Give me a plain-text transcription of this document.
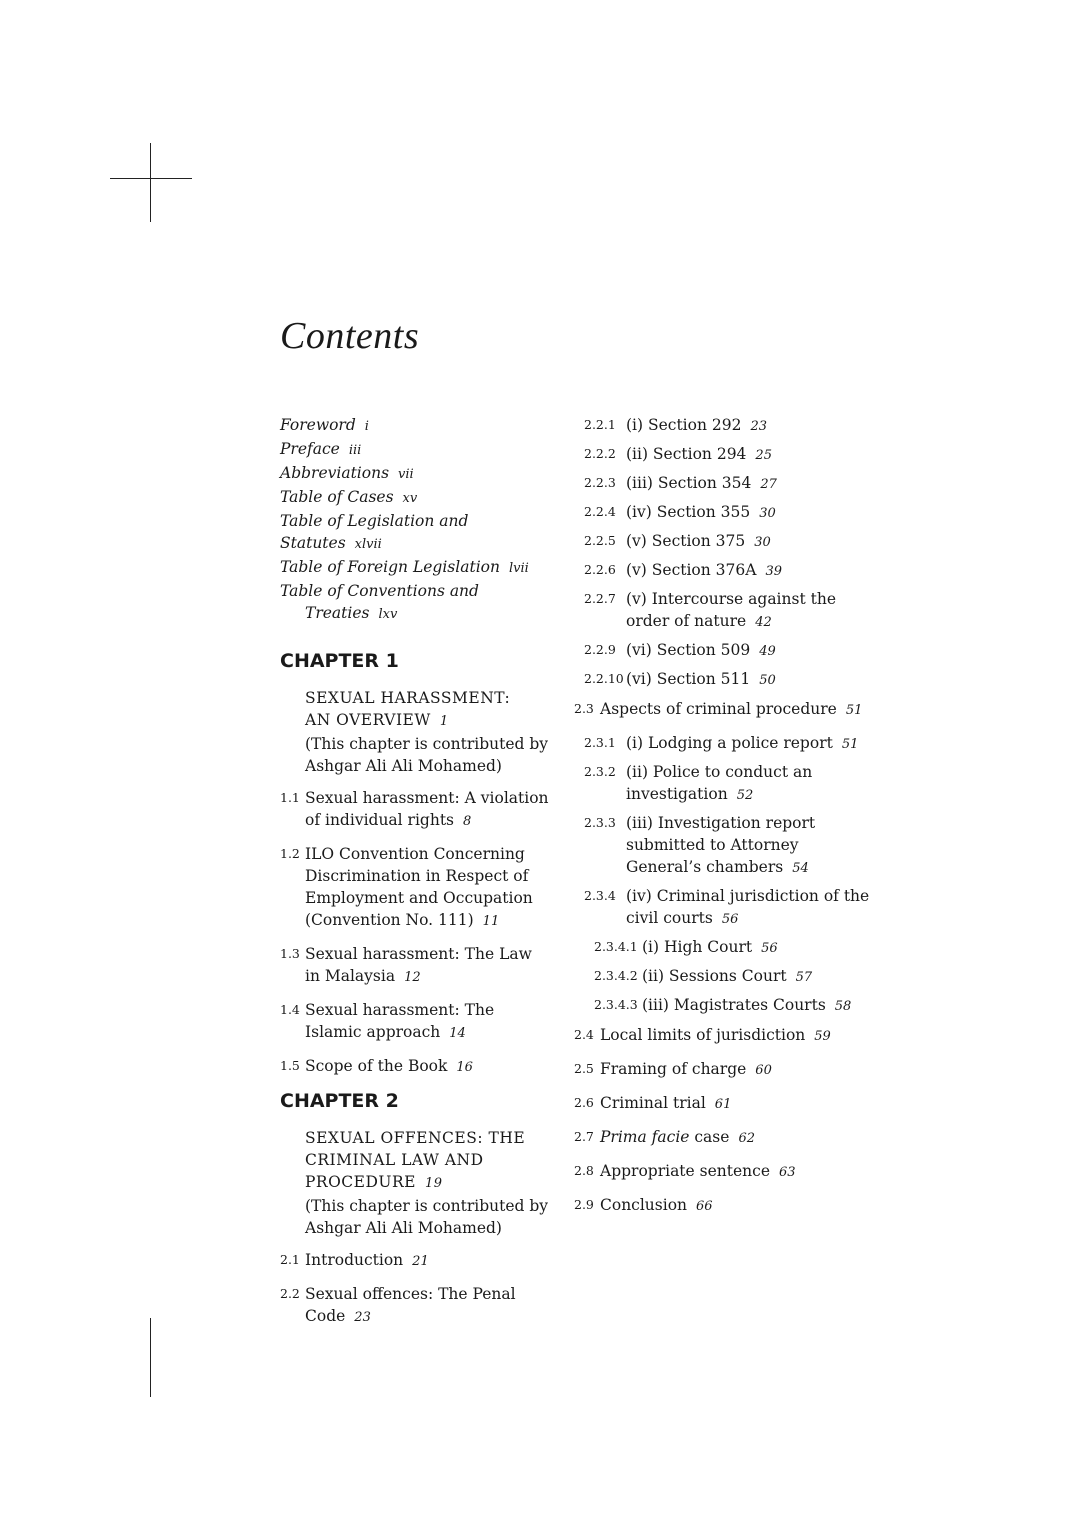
Contents
Foreword i
Preface iii
Abbreviations vii
Table of Cases xv
Table of Legislation and Statutes xlvii
Table of Foreign Legislation lvii
Table of Conventions and
Treaties lxv
CHAPTER 1
SEXUAL HARASSMENT:
AN OVERVIEW 1
(This chapter is contributed by Ashgar Ali Ali Mohamed)
1.1 Sexual harassment: A violation of individual rights 8
1.2 ILO Convention Concerning Discrimination in Respect of Employment and Occupation (Convention No. 111) 11
1.3 Sexual harassment: The Law in Malaysia 12
1.4 Sexual harassment: The Islamic approach 14
1.5 Scope of the Book 16
CHAPTER 2
SEXUAL OFFENCES: THE CRIMINAL LAW AND PROCEDURE 19
(This chapter is contributed by Ashgar Ali Ali Mohamed)
2.1 Introduction 21
2.2 Sexual offences: The Penal Code 23
2.2.1 (i) Section 292 23
2.2.2 (ii) Section 294 25
2.2.3 (iii) Section 354 27
2.2.4 (iv) Section 355 30
2.2.5 (v) Section 375 30
2.2.6 (v) Section 376A 39
2.2.7 (v) Intercourse against the order of nature 42
2.2.9 (vi) Section 509 49
2.2.10 (vi) Section 511 50
2.3 Aspects of criminal procedure 51
2.3.1 (i) Lodging a police report 51
2.3.2 (ii) Police to conduct an investigation 52
2.3.3 (iii) Investigation report submitted to Attorney General’s chambers 54
2.3.4 (iv) Criminal jurisdiction of the civil courts 56
2.3.4.1 (i) High Court 56
2.3.4.2 (ii) Sessions Court 57
2.3.4.3 (iii) Magistrates Courts 58
2.4 Local limits of jurisdiction 59
2.5 Framing of charge 60
2.6 Criminal trial 61
2.7 Prima facie case 62
2.8 Appropriate sentence 63
2.9 Conclusion 66
